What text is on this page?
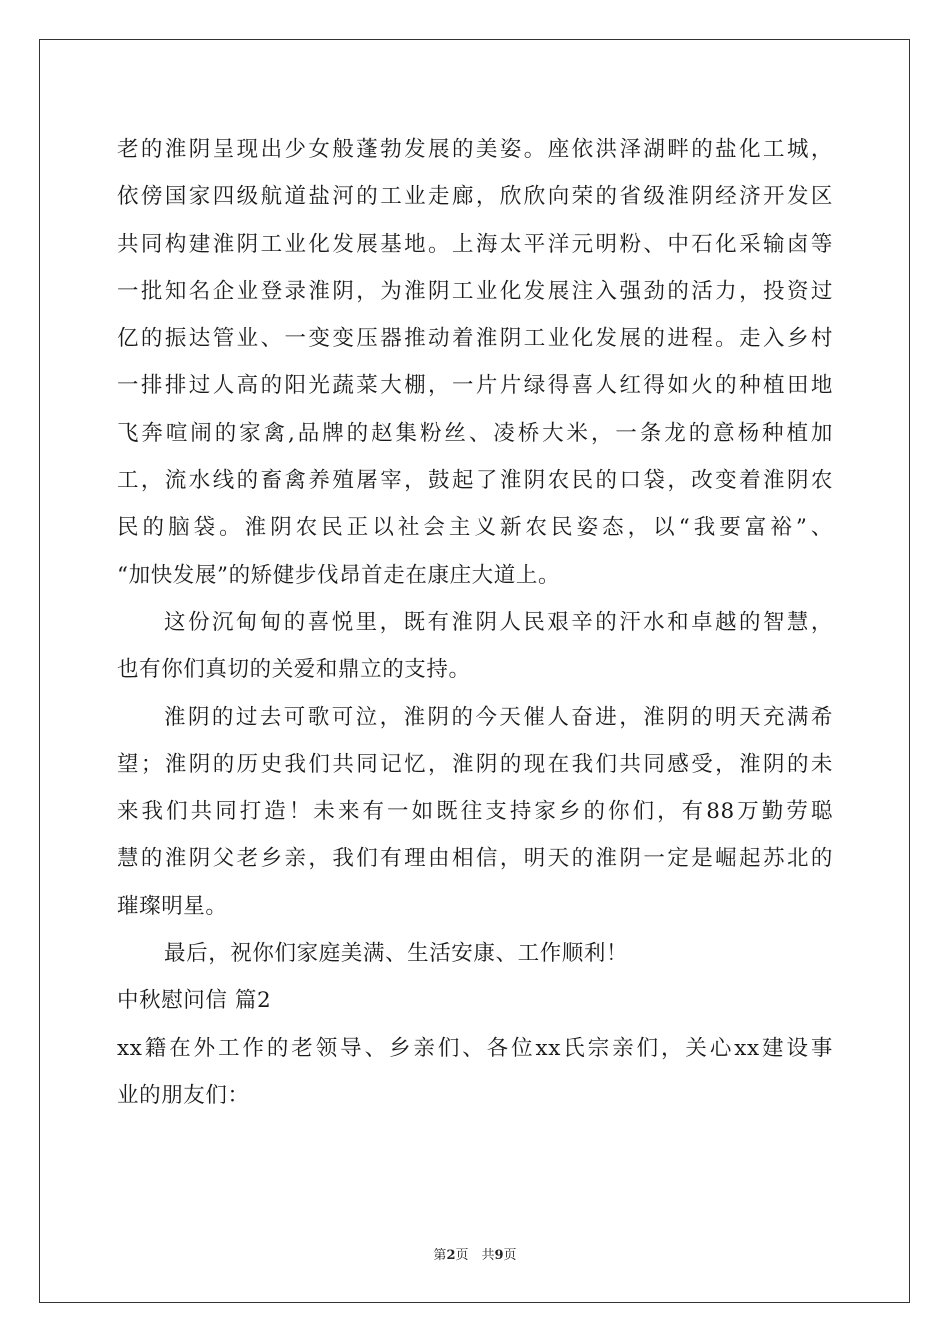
老的淮阴呈现出少女般蓬勃发展的美姿。座依洪泽湖畔的盐化工城，
依傍国家四级航道盐河的工业走廊，欣欣向荣的省级淮阴经济开发区
共同构建淮阴工业化发展基地。上海太平洋元明粉、中石化采输卤等
一批知名企业登录淮阴，为淮阴工业化发展注入强劲的活力，投资过
亿的振达管业、一变变压器推动着淮阴工业化发展的进程。走入乡村
一排排过人高的阳光蔬菜大棚，一片片绿得喜人红得如火的种植田地
飞奔喧闹的家禽,品牌的赵集粉丝、凌桥大米，一条龙的意杨种植加
工，流水线的畜禽养殖屠宰，鼓起了淮阴农民的口袋，改变着淮阴农
民的脑袋。淮阴农民正以社会主义新农民姿态，以“我要富裕”、
“加快发展”的矫健步伐昂首走在康庄大道上。
这份沉甸甸的喜悦里，既有淮阴人民艰辛的汗水和卓越的智慧，
也有你们真切的关爱和鼎立的支持。
淮阴的过去可歌可泣，淮阴的今天催人奋进，淮阴的明天充满希
望；淮阴的历史我们共同记忆，淮阴的现在我们共同感受，淮阴的未
来我们共同打造！未来有一如既往支持家乡的你们，有88万勤劳聪
慧的淮阴父老乡亲，我们有理由相信，明天的淮阴一定是崛起苏北的
璀璨明星。
最后，祝你们家庭美满、生活安康、工作顺利！
中秋慰问信 篇2
xx籍在外工作的老领导、乡亲们、各位xx氏宗亲们，关心xx建设事
业的朋友们：
第2页　共9页
